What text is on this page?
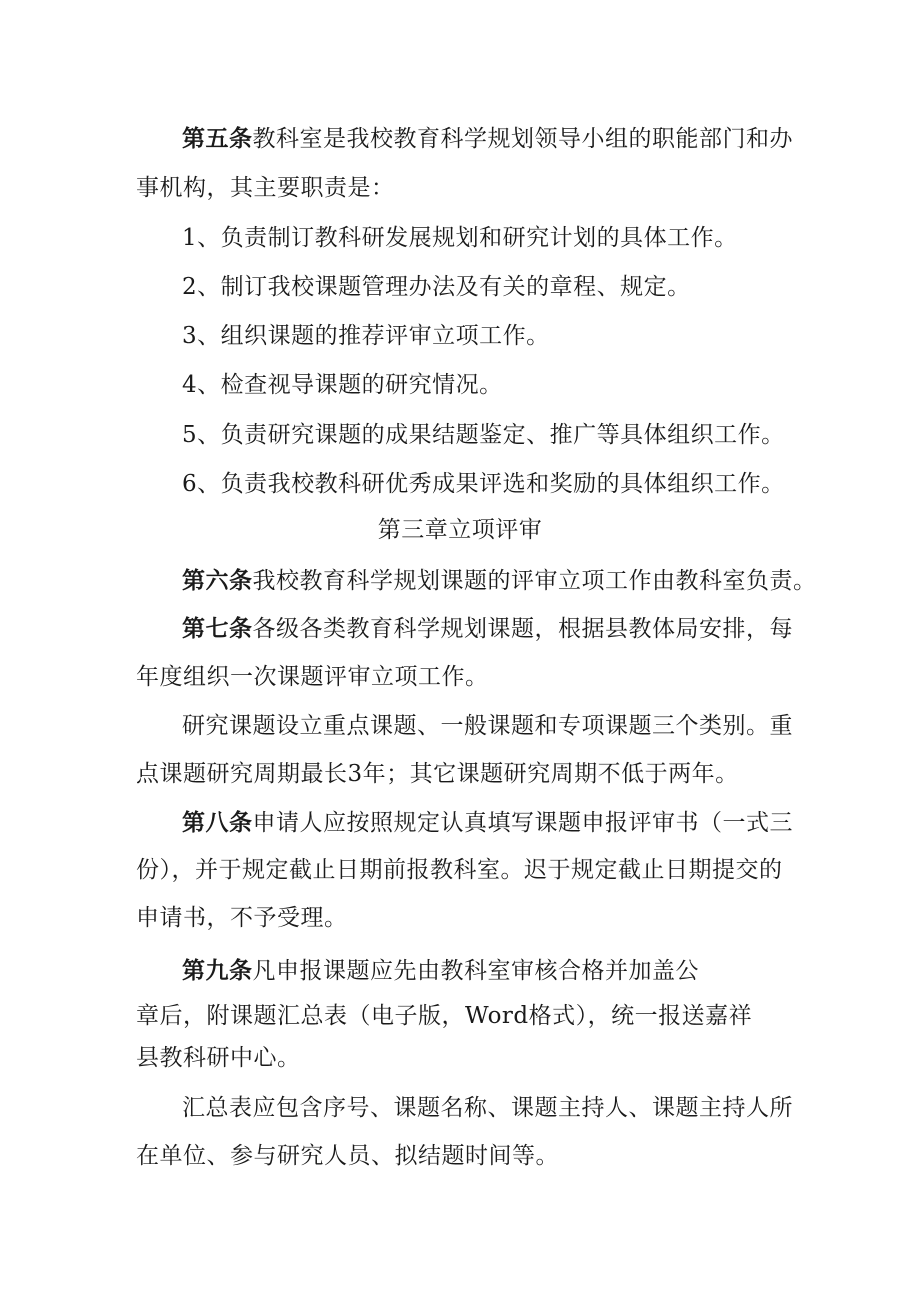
第五条教科室是我校教育科学规划领导小组的职能部门和办
事机构，其主要职责是：
1、负责制订教科研发展规划和研究计划的具体工作。
2、制订我校课题管理办法及有关的章程、规定。
3、组织课题的推荐评审立项工作。
4、检查视导课题的研究情况。
5、负责研究课题的成果结题鉴定、推广等具体组织工作。
6、负责我校教科研优秀成果评选和奖励的具体组织工作。
第三章立项评审
第六条我校教育科学规划课题的评审立项工作由教科室负责。
第七条各级各类教育科学规划课题，根据县教体局安排，每
年度组织一次课题评审立项工作。
研究课题设立重点课题、一般课题和专项课题三个类别。重
点课题研究周期最长3年；其它课题研究周期不低于两年。
第八条申请人应按照规定认真填写课题申报评审书（一式三
份），并于规定截止日期前报教科室。迟于规定截止日期提交的
申请书，不予受理。
第九条凡申报课题应先由教科室审核合格并加盖公
章后，附课题汇总表（电子版，Word格式），统一报送嘉祥
县教科研中心。
汇总表应包含序号、课题名称、课题主持人、课题主持人所
在单位、参与研究人员、拟结题时间等。
